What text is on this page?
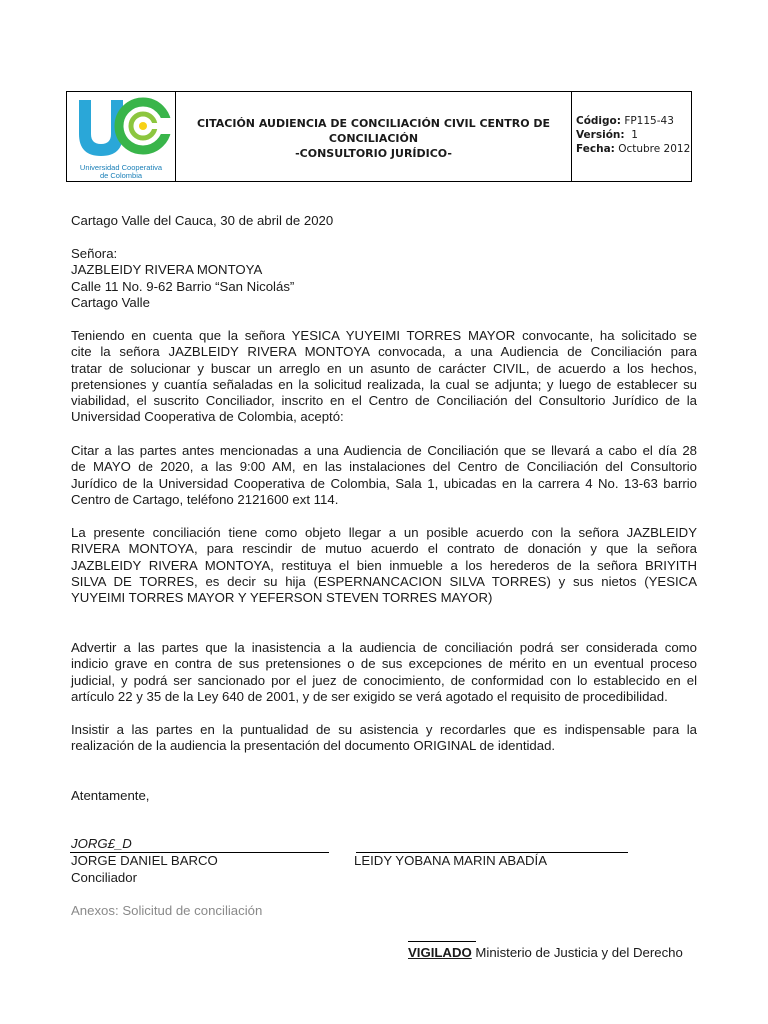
Universidad Cooperativa
de Colombia
CITACIÓN AUDIENCIA DE CONCILIACIÓN CIVIL CENTRO DE
CONCILIACIÓN
-CONSULTORIO JURÍDICO-
Código: FP115-43
Versión: 1
Fecha: Octubre 2012
Cartago Valle del Cauca, 30 de abril de 2020
Señora:
JAZBLEIDY RIVERA MONTOYA
Calle 11 No. 9-62 Barrio “San Nicolás”
Cartago Valle
Teniendo en cuenta que la señora YESICA YUYEIMI TORRES MAYOR convocante, ha solicitado se
cite la señora JAZBLEIDY RIVERA MONTOYA convocada, a una Audiencia de Conciliación para
tratar de solucionar y buscar un arreglo en un asunto de carácter CIVIL, de acuerdo a los hechos,
pretensiones y cuantía señaladas en la solicitud realizada, la cual se adjunta; y luego de establecer su
viabilidad, el suscrito Conciliador, inscrito en el Centro de Conciliación del Consultorio Jurídico de la
Universidad Cooperativa de Colombia, aceptó:
Citar a las partes antes mencionadas a una Audiencia de Conciliación que se llevará a cabo el día 28
de MAYO de 2020, a las 9:00 AM, en las instalaciones del Centro de Conciliación del Consultorio
Jurídico de la Universidad Cooperativa de Colombia, Sala 1, ubicadas en la carrera 4 No. 13-63 barrio
Centro de Cartago, teléfono 2121600 ext 114.
La presente conciliación tiene como objeto llegar a un posible acuerdo con la señora JAZBLEIDY
RIVERA MONTOYA, para rescindir de mutuo acuerdo el contrato de donación y que la señora
JAZBLEIDY RIVERA MONTOYA, restituya el bien inmueble a los herederos de la señora BRIYITH
SILVA DE TORRES, es decir su hija (ESPERNANCACION SILVA TORRES) y sus nietos (YESICA
YUYEIMI TORRES MAYOR Y YEFERSON STEVEN TORRES MAYOR)
Advertir a las partes que la inasistencia a la audiencia de conciliación podrá ser considerada como
indicio grave en contra de sus pretensiones o de sus excepciones de mérito en un eventual proceso
judicial, y podrá ser sancionado por el juez de conocimiento, de conformidad con lo establecido en el
artículo 22 y 35 de la Ley 640 de 2001, y de ser exigido se verá agotado el requisito de procedibilidad.
Insistir a las partes en la puntualidad de su asistencia y recordarles que es indispensable para la
realización de la audiencia la presentación del documento ORIGINAL de identidad.
Atentamente,
JORG£_D
JORGE DANIEL BARCO
Conciliador
LEIDY YOBANA MARIN ABADÍA
Anexos: Solicitud de conciliación
VIGILADO Ministerio de Justicia y del Derecho
